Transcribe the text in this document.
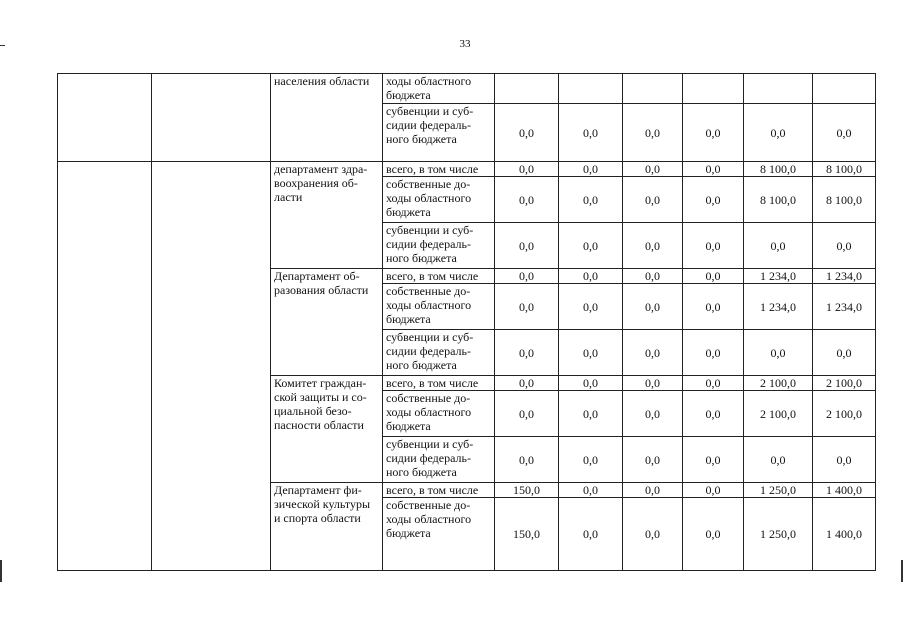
33
		населения области	ходы областного бюджета						
			субвенции и суб-сидии федераль-ного бюджета	0,0	0,0	0,0	0,0	0,0	0,0
		департамент здра-воохранения об-ласти	всего, в том числе	0,0	0,0	0,0	0,0	8 100,0	8 100,0
			собственные до-ходы областного бюджета	0,0	0,0	0,0	0,0	8 100,0	8 100,0
			субвенции и суб-сидии федераль-ного бюджета	0,0	0,0	0,0	0,0	0,0	0,0
		Департамент об-разования области	всего, в том числе	0,0	0,0	0,0	0,0	1 234,0	1 234,0
			собственные до-ходы областного бюджета	0,0	0,0	0,0	0,0	1 234,0	1 234,0
			субвенции и суб-сидии федераль-ного бюджета	0,0	0,0	0,0	0,0	0,0	0,0
		Комитет граждан-ской защиты и со-циальной безо-пасности области	всего, в том числе	0,0	0,0	0,0	0,0	2 100,0	2 100,0
			собственные до-ходы областного бюджета	0,0	0,0	0,0	0,0	2 100,0	2 100,0
			субвенции и суб-сидии федераль-ного бюджета	0,0	0,0	0,0	0,0	0,0	0,0
		Департамент фи-зической культуры и спорта области	всего, в том числе	150,0	0,0	0,0	0,0	1 250,0	1 400,0
			собственные до-ходы областного бюджета	150,0	0,0	0,0	0,0	1 250,0	1 400,0
